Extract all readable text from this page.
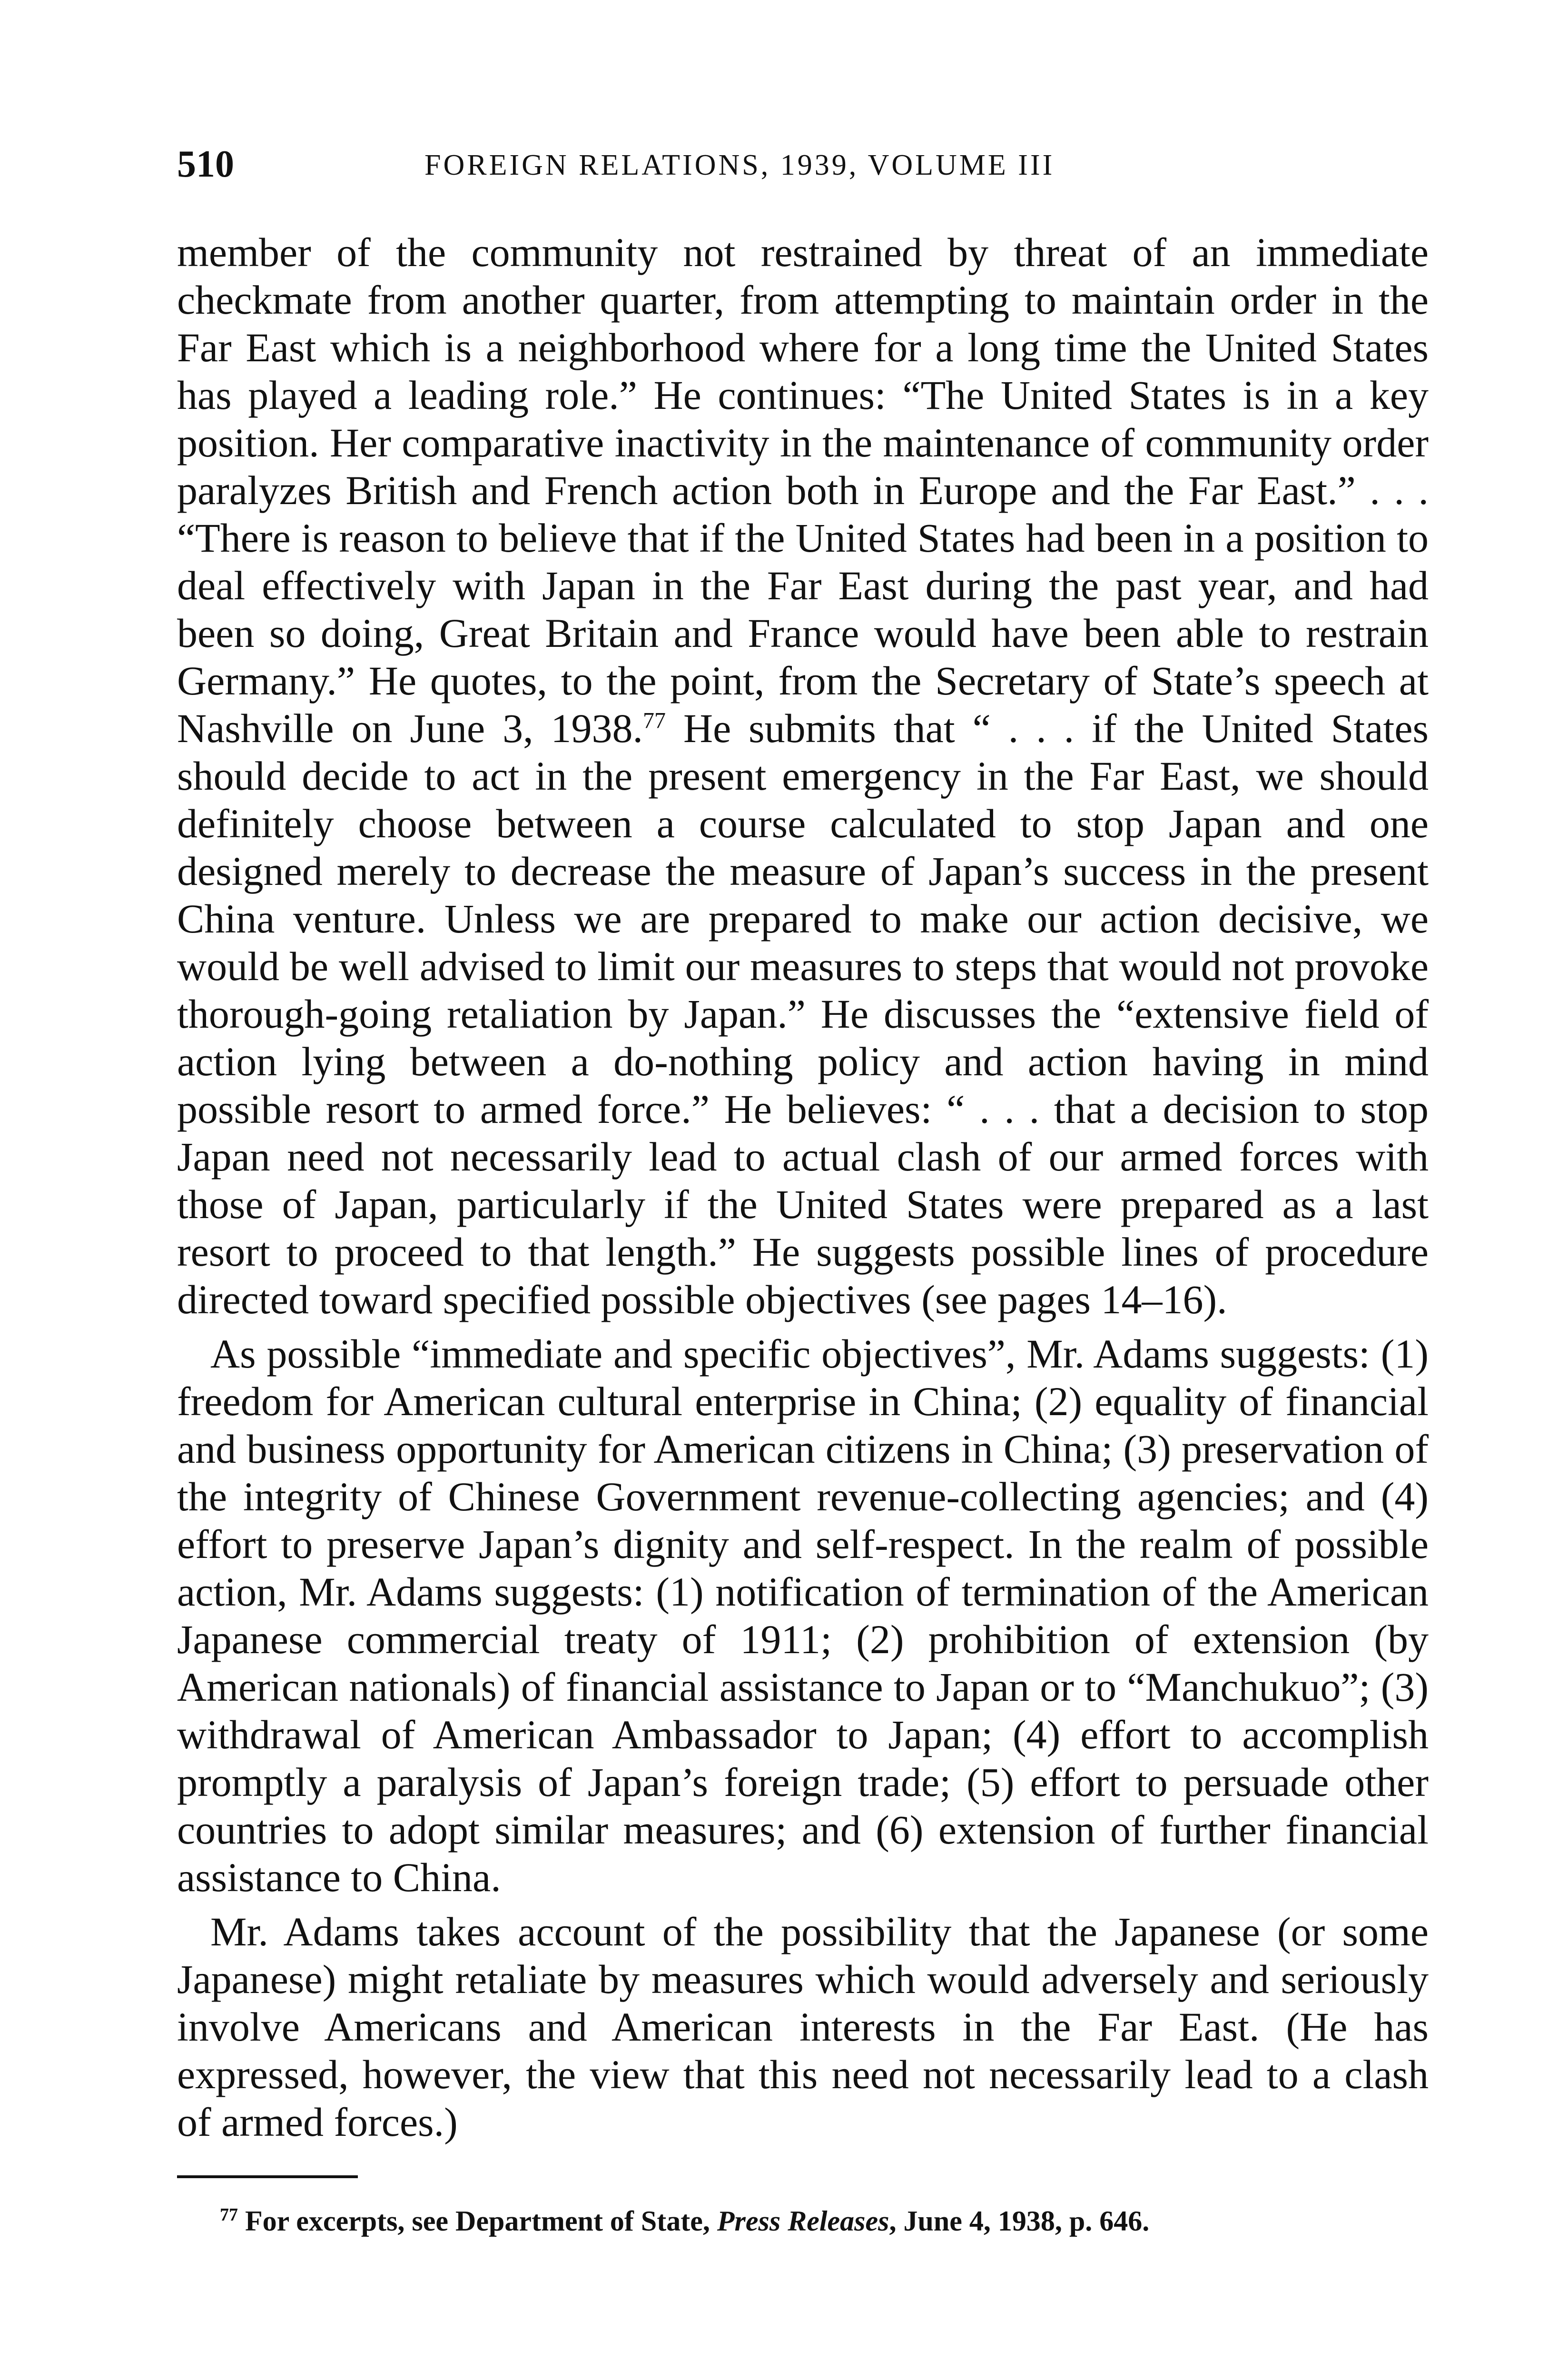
510	FOREIGN RELATIONS, 1939, VOLUME III

member of the community not restrained by threat of an immediate checkmate from another quarter, from attempting to maintain order in the Far East which is a neighborhood where for a long time the United States has played a leading role.” He continues: “The United States is in a key position. Her comparative inactivity in the maintenance of community order paralyzes British and French action both in Europe and the Far East.” . . . “There is reason to believe that if the United States had been in a position to deal effectively with Japan in the Far East during the past year, and had been so doing, Great Britain and France would have been able to restrain Germany.” He quotes, to the point, from the Secretary of State’s speech at Nashville on June 3, 1938.77 He submits that “ . . . if the United States should decide to act in the present emergency in the Far East, we should definitely choose between a course calculated to stop Japan and one designed merely to decrease the measure of Japan’s success in the present China venture. Unless we are prepared to make our action decisive, we would be well advised to limit our measures to steps that would not provoke thorough-going retaliation by Japan.” He discusses the “extensive field of action lying between a do-nothing policy and action having in mind possible resort to armed force.” He believes: “ . . . that a decision to stop Japan need not necessarily lead to actual clash of our armed forces with those of Japan, particularly if the United States were prepared as a last resort to proceed to that length.” He suggests possible lines of procedure directed toward specified possible objectives (see pages 14–16).

As possible “immediate and specific objectives”, Mr. Adams suggests: (1) freedom for American cultural enterprise in China; (2) equality of financial and business opportunity for American citizens in China; (3) preservation of the integrity of Chinese Government revenue-collecting agencies; and (4) effort to preserve Japan’s dignity and self-respect. In the realm of possible action, Mr. Adams suggests: (1) notification of termination of the American Japanese commercial treaty of 1911; (2) prohibition of extension (by American nationals) of financial assistance to Japan or to “Manchukuo”; (3) withdrawal of American Ambassador to Japan; (4) effort to accomplish promptly a paralysis of Japan’s foreign trade; (5) effort to persuade other countries to adopt similar measures; and (6) extension of further financial assistance to China.

Mr. Adams takes account of the possibility that the Japanese (or some Japanese) might retaliate by measures which would adversely and seriously involve Americans and American interests in the Far East. (He has expressed, however, the view that this need not necessarily lead to a clash of armed forces.)

$^{77}$ For excerpts, see Department of State, Press Releases, June 4, 1938, p. 646.
